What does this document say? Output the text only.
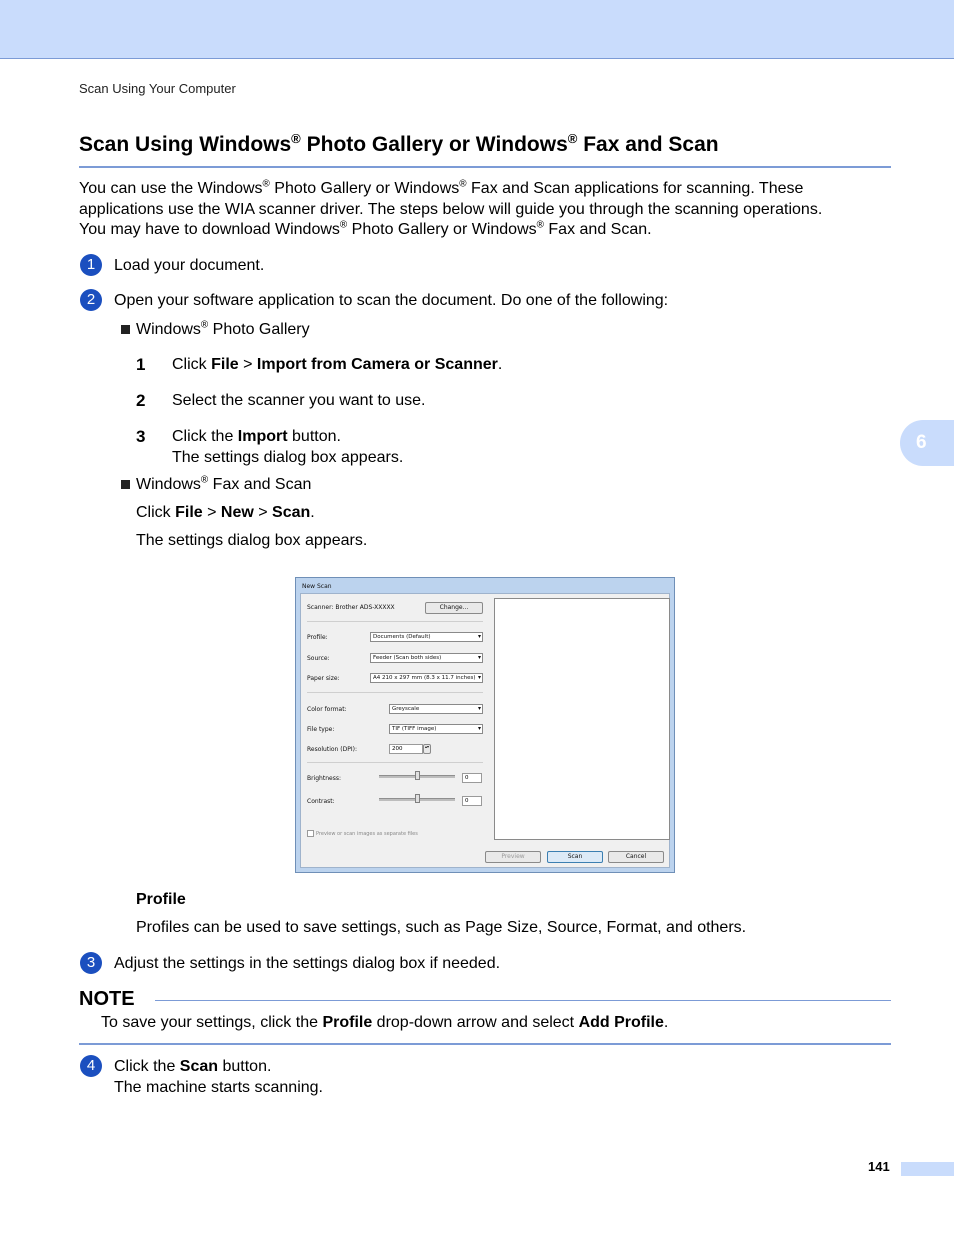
Scan Using Your Computer
Scan Using Windows® Photo Gallery or Windows® Fax and Scan
You can use the Windows® Photo Gallery or Windows® Fax and Scan applications for scanning. These
applications use the WIA scanner driver. The steps below will guide you through the scanning operations.
You may have to download Windows® Photo Gallery or Windows® Fax and Scan.
1	Load your document.
2	Open your software application to scan the document. Do one of the following:
Windows® Photo Gallery
1 Click File > Import from Camera or Scanner.
2 Select the scanner you want to use.
3 Click the Import button.
The settings dialog box appears.
Windows® Fax and Scan
Click File > New > Scan.
The settings dialog box appears.
6
New Scan
Scanner: Brother ADS-XXXXX	Change...
Profile:	Documents (Default)	▾
Source:	Feeder (Scan both sides)	▾
Paper size:	A4 210 x 297 mm (8.3 x 11.7 inches) ▾
Color format:	Greyscale	▾
File type:	TIF (TIFF image)	▾
Resolution (DPI):	200	▴▾
Brightness:	0
Contrast:	0
Preview or scan images as separate files
Preview	Scan	Cancel
Profile
Profiles can be used to save settings, such as Page Size, Source, Format, and others.
3	Adjust the settings in the settings dialog box if needed.
NOTE
To save your settings, click the Profile drop-down arrow and select Add Profile.
4	Click the Scan button.
The machine starts scanning.
141
